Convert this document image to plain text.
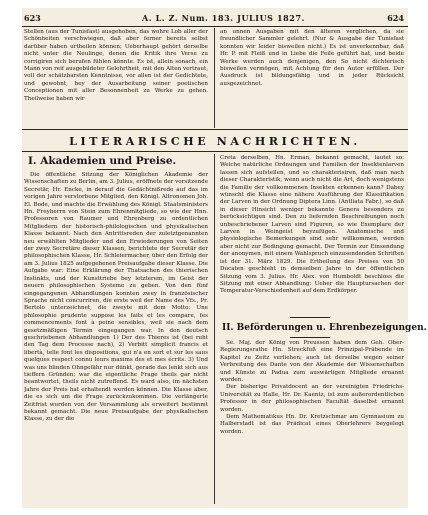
623	A. L. Z. Num. 183. JULIUS 1827.	624

Stellen (aus der Tunisfast) ausgehoben, das wohre Lob aller der Schönheiten verschwiegen, daß aber ferner bereits selbst darüber haben urtheilen können; Ueberhaupt gehört derselbe nicht unter die Neulinge, denen die Kritik ihre Verse zu corrigiren sich berufen fühlen könnte. Es ist, allein sonach, ein Mann von reif ausgebildeter Gelehrtheit, mit den Alten vertraut, voll der schätzbarsten Kenntnisse, vor allen ist der Gedichtete, und gewohnt, bey der Ausarbeitung seiner poetischen Conceptionen mit aller Besonnenheit zu Werke zu gehen. Theilweise haben wir

an unnen Ausgaben mit den älteren verglichen, da sie freundlicher Sammler gelehrt. (Nur & Ausgabe der Tunisfast konnten wir leider bisweilen nicht.) Es ist unverkennbar, daß Hr. P. mit Fleiß und in Liebe die Feile geführt hat, und beide Werke werden auch denjenigen, den So nicht dichterisch bisweilen vermögen, mit Achtung für den Autor erfüllen. Der Ausdruck ist bildungsfähig und in jeder Rücksicht ausgezeichnet.

LITERARISCHE NACHRICHTEN.
I. Akademien und Preise.

Die öffentliche Sitzung der Königlichen Akademie der Wissenschaften zu Berlin, am 3. Julius, eröffnete der vorsitzende Secretär, Hr. Encke, in derauf die Gedächtnißrede auf das im vorigen Jahre verstorbene Mitglied, den Königl. Altronomen Joh. El. Bode, und machte die Erwählung des Königl. Staatsministers Hn. Freyherrn von Stein zum Ehrenmitgliede, so wie der Hnn. Professoren von Raumer und Ehrenberg zu ordentlichen Mitgliedern der historisch-philologischen und physikalischen Klasse bekannt. Nach den Antrittsreden der zuletztgenannten neu erwählten Mitglieder und den Erwiederungen von Seiten der zwey Secretäre dieser Klassen, berichtete der Secretär der philosophischen Klasse, Hr. Schleiermacher, über den Erfolg der am 3. Julius 1825 aufgegebenen Preisaufgabe dieser Klasse. Die Aufgabe war: Eine Erklärung der Thatsachen des thierischen Instinkts, und der Kunsttriebe bey letzterem, im Geist der neuern philosophischen Systeme zu geben. Von den fünf eingegangenen Abhandlungen konnten zwey in französischer Sprache nicht concurriren, die erste weil der Name des Vfs., Pr. Bertolo unterzeichnet, die zweyte mit dem Motto: Une philosophie prudente suppose les faits et les compare, fes commencements font à peine sensibles, weil sie nach dem gesetzmäßigen Termin eingegangen war. In den deutsch geschriebenen Abhandlungen 1) Der des Thieres ist (bei ruht den Tag dem Processe nach), 2) Verbitt simplicit francis et libertà, telle font les dispositions, qui n'a en sort et sur les saus quelques respect connu leurs maxims des et mes écrits. 3) Und was uns blinden Ohngefähr nur dünkt, gerade das lenkt sich aus tieffern Gründen; war die eigentliche Frage theils gar nicht beantwortet, theils nicht zutreffend. Es ward also, im nächsten Jahre der Preis hat erhaltendt werden können. Die Klasse aber, die es sich um die Frage zurückzukommen. Die verlängerte Zeitfrist wurden von der Versammlung als erweitert bestimmt bekannt gemacht. Die neue Preisaufgabe der physikalischen Klasse, zu der die

Creta derselben, Hn. Erman, bekannt gemacht, lautet so: Welche natürliche Ordnungen und Familien der Insektenlarven lassen sich aufstellen, und so charakterisiren, daß man nach dieser Charakteristik, wenn auch nicht die Art, doch wenigstens die Familie der vollkommenen Insekten erkennen kann? Dabey wünscht die Klasse eine nähere Ausführung der Klassifikation der Larven in der Ordnung Diptera Linn. (Antliata Fabr.), so daß in dieser Hinsicht weniger bekannte Genera besonders zu berücksichtigen sind. Den zu liefernden Beschreibungen noch unbeschriebener Larven sind Figuren, so wie Exemplare der Larven in Weingeist beyzufügen. Anatomische und physiologische Bemerkungen sind sehr willkommen, werden aber nicht zur Bedingung gemacht. Der Termin zur Einsendung der anonymen, mit einem Wahlspruch einzusendenden Schriften ist der 31. März 1829. Die Ertheilung des Preises von 50 Ducaten geschieht in demselben Jahre in der öffentlichen Sitzung vom 3. Julius. Hr. Alex. von Humboldt beschloss die Sitzung mit einer Abhandlung: Ueber die Hauptursachen der Temperatur-Verschiedenheit auf dem Erdkörper.

II. Beförderungen u. Ehrenbezeigungen.

Se. Maj. der König von Preussen haben dem Geh. Ober-Regierungsrathe Hn. Streckfuß eine Prinzipal-Präbende im Kapitel zu Zeitz verliehen; auch ist derselbe wegen seiner Verbreitung des Dante von der Akademie der Wissenschaften und Künste zu Padua zum auswärtigen Mitgliede ernannt worden.

Der bisherige Privatdocent an der vereinigten Friedrichs-Universität zu Halle, Hr. Dr. Kaentz, ist zum außerordentlichen Professor in der philosophischen Facultät daselbst ernannt worden.

Dem Mathematikus Hn. Dr. Kretzschmar am Gymnasium zu Halberstadt ist das Prädicat eines Oberlehrers beygelegt worden.
